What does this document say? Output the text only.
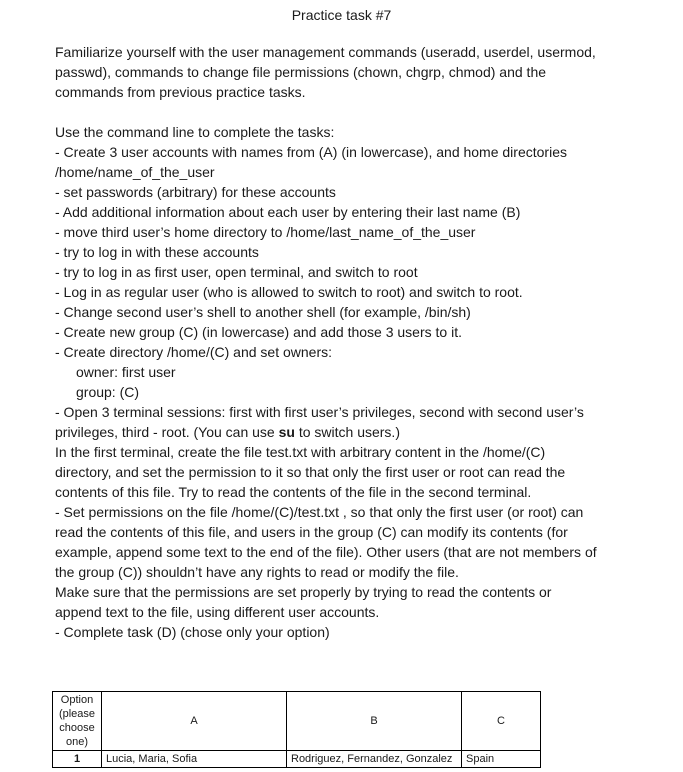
Practice task #7
Familiarize yourself with the user management commands (useradd, userdel, usermod,
passwd), commands to change file permissions (chown, chgrp, chmod) and the
commands from previous practice tasks.
Use the command line to complete the tasks:
- Create 3 user accounts with names from (A) (in lowercase), and home directories
/home/name_of_the_user
- set passwords (arbitrary) for these accounts
- Add additional information about each user by entering their last name (B)
- move third user’s home directory to /home/last_name_of_the_user
- try to log in with these accounts
- try to log in as first user, open terminal, and switch to root
- Log in as regular user (who is allowed to switch to root) and switch to root.
- Change second user’s shell to another shell (for example, /bin/sh)
- Create new group (C) (in lowercase) and add those 3 users to it.
- Create directory /home/(C) and set owners:
owner: first user
group: (C)
- Open 3 terminal sessions: first with first user’s privileges, second with second user’s
privileges, third - root. (You can use su to switch users.)
In the first terminal, create the file test.txt with arbitrary content in the /home/(C)
directory, and set the permission to it so that only the first user or root can read the
contents of this file. Try to read the contents of the file in the second terminal.
- Set permissions on the file /home/(C)/test.txt , so that only the first user (or root) can
read the contents of this file, and users in the group (C) can modify its contents (for
example, append some text to the end of the file). Other users (that are not members of
the group (C)) shouldn’t have any rights to read or modify the file.
Make sure that the permissions are set properly by trying to read the contents or
append text to the file, using different user accounts.
- Complete task (D) (chose only your option)
Option (please choose one)	A	B	C
1	Lucia, Maria, Sofia	Rodriguez, Fernandez, Gonzalez	Spain
